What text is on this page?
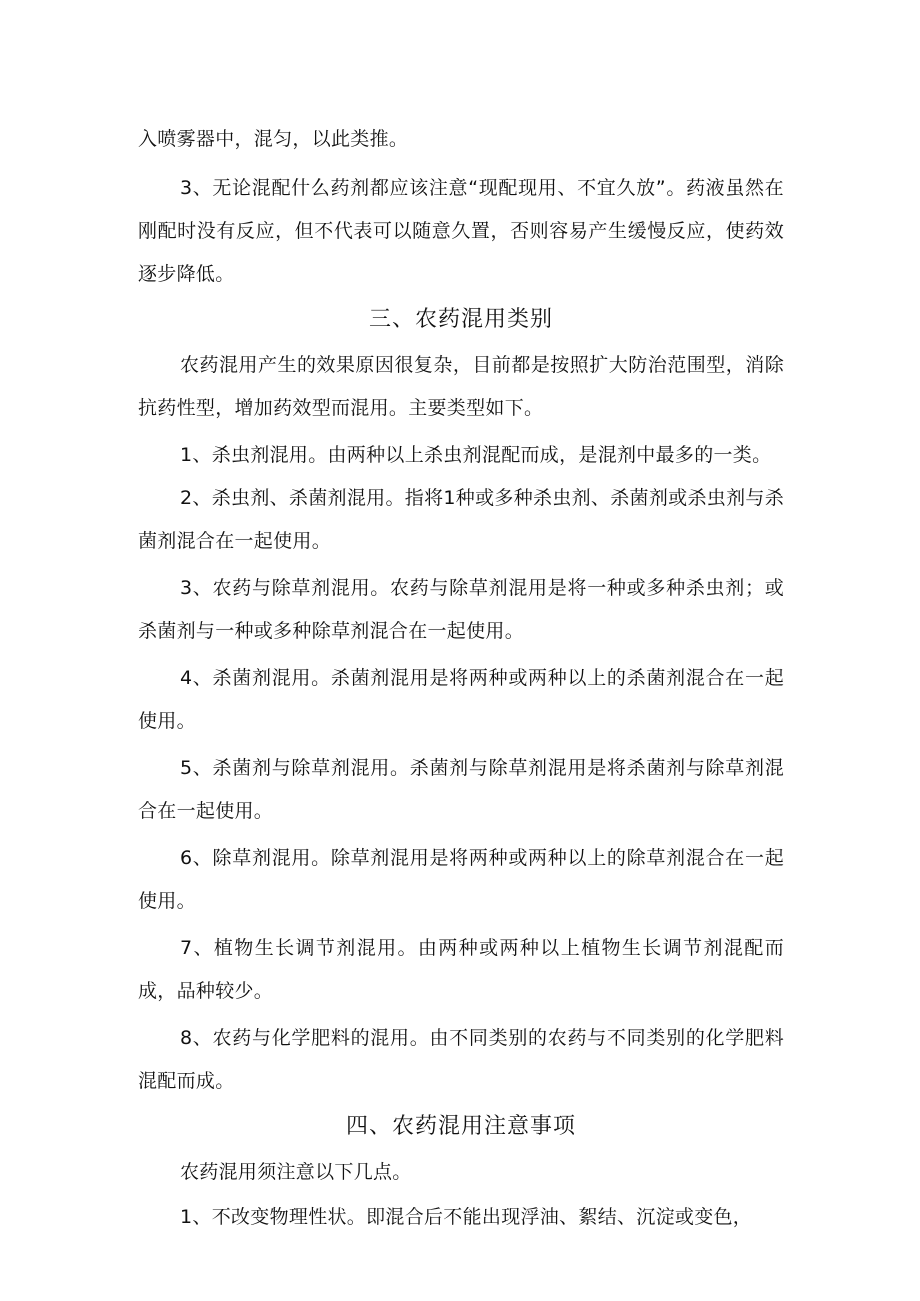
入喷雾器中，混匀，以此类推。

3、无论混配什么药剂都应该注意“现配现用、不宜久放”。药液虽然在刚配时没有反应，但不代表可以随意久置，否则容易产生缓慢反应，使药效逐步降低。

三、农药混用类别

农药混用产生的效果原因很复杂，目前都是按照扩大防治范围型，消除抗药性型，增加药效型而混用。主要类型如下。

1、杀虫剂混用。由两种以上杀虫剂混配而成，是混剂中最多的一类。

2、杀虫剂、杀菌剂混用。指将1种或多种杀虫剂、杀菌剂或杀虫剂与杀菌剂混合在一起使用。

3、农药与除草剂混用。农药与除草剂混用是将一种或多种杀虫剂；或杀菌剂与一种或多种除草剂混合在一起使用。

4、杀菌剂混用。杀菌剂混用是将两种或两种以上的杀菌剂混合在一起使用。

5、杀菌剂与除草剂混用。杀菌剂与除草剂混用是将杀菌剂与除草剂混合在一起使用。

6、除草剂混用。除草剂混用是将两种或两种以上的除草剂混合在一起使用。

7、植物生长调节剂混用。由两种或两种以上植物生长调节剂混配而成，品种较少。

8、农药与化学肥料的混用。由不同类别的农药与不同类别的化学肥料混配而成。

四、农药混用注意事项

农药混用须注意以下几点。

1、不改变物理性状。即混合后不能出现浮油、絮结、沉淀或变色，
